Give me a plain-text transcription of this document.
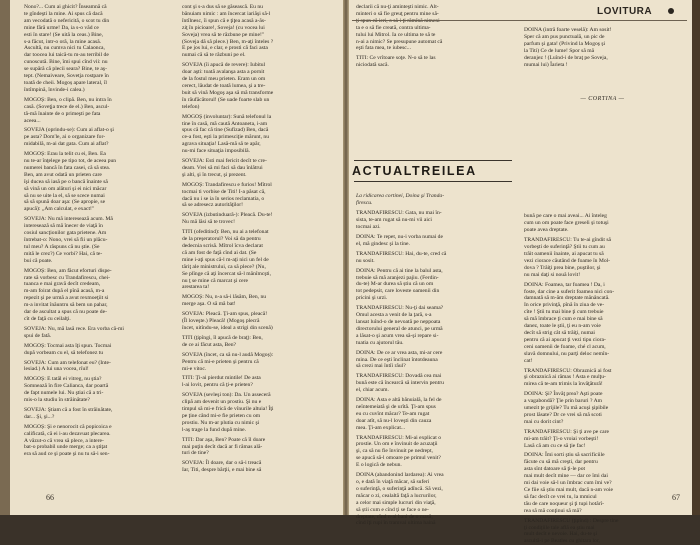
Nono?... Cum ai ghicit? Înseamnă că
te gîndeşti la mine. Ai spus că dacă
am vecodată o nefericită, o scot tu din
mine fără urme! Da, ia s-o văd ce
esti în stare! (Se uită la ceas.) Bine,
s-a făcut, intr-o oră, la mine acasă.
Ascultă, nu cumva nici tu Calaonca,
dar toocea lui taică-tu m-au terribil de
cunoscută. Bine, îmi spui cînd vii: nu
se supără că plecii seara? Bine, te aş-
tept. (Nemaiveare, Sovetja rostpare în
toată de cheii. Mogoș apare lateral, îl
întîmpină, învinde-i calea.)
MOGOȘ: Ben, o clipă. Ben, nu intra în
casă. (Soveţja trece de el.) Ben, ascul-
tă-mă înainte de o primeşti pe fata
aceea...
SOVEJA (oprindu-se): Cum ai aflat-o şi
pe asta? Dom'le, ai o organizare for-
midabilă, m-ai dat gata. Cum ai aflat?
MOGOȘ: Erau la telit cu ei, Ben. Ea
nu te-ar înţelege pe tipo tot, de aceea pun
numerei bancă în fata casei, că să stea.
Ben, am avut odată un prieten care
îşi ducea să iasă pe o bancă înainte să
să vină un om alături şi ei nici măcar
să nu se uite la el, să se scece numai
să să spună doar aşa: (Se apropie, se
apucă): „Am calculat, e exact!"
SOVEJA: Nu mă interesează acum. Mă
interesează să mă înecer de viaţă în
cosiul sancţionilor gata prietene. Am
întrebat-o: Nono, vrei să fii un plăcu-
tul meu? A răspuns că nu ştie. (Se
mită le crez?) Ce vorbi? Hai, că te-
bui că poate.
MOGOȘ: Ben, am făcut eforturi dispe-
rate să vorbesc cu Trandafirescu, chei-
tuanca e mai gravă decît credeam,
m-am foirat după el pînă acasă, m-a
repezit şi pe urmă a avut rexmoeţiit si
m-a invitat înăuntru să bem un pahar,
dar de ascultat a spus că nu poate de-
cît de faţă cu ceilalţi.
SOVEJA: Nu, mă lasă rece. Era vorba că-mi
spui de fată.
MOGOȘ: Tocmai asta îţi spun. Tocmai
după vorbeam cu el, să telefonez tu
SOVEJA: Cum am telefonat eu? (Inte-
lesiad.) A lui una vocea, rîul!
MOGOȘ: E tatăl ei vitreg, nu ştia?
Somnează în fire Calianca, dar poartă
de fapt numele lui. Nu ştiai că a tri-
mis-o la studiu în străinătate?
SOVEJA: Ştiam că a fost în străinătate,
dar... Şi, şi...?
MOGOȘ: Şi e nenorocit că popicoica e
calificată, că ei i-au dezavuat plecarea.
A văzut-o că vrea să plece, a intere-
bat-o probabil unde merge; ca a ştiţat
era să aud ce şi poate şi nu tu să-i sen-
cont şi s-a dus să se găsească. Eu nu
bănuiam nimic : am încercat iariăşi să-l
întîlnesc, îi spun că e ţiţea acasă a-ăs-
ziţ în picioare!, Soveja! (cu vocea lui
Soveja) vrea să te răzbune pe mine!"
(Soveja dă să plece.) Ben, m-aţi înteles ?
E pe jos lui, e clar, e prosti că faci asta
numai că să te răzbuni pe el.
SOVEJA (îi apucă de revere): Iubitul
doar aşti: toată avalanşa asta a pornit
de la fostul meu prieten. Eram un om
cerect, lăudat de toată lumea, şi a tre-
buit să vină Mogoş aşa să mă transforme
în răufăcătorul! (Se uade foarte slab un
telefon)
MOGOȘ (involuntar): Sună telefonul la
tine în casă, mă caută Antoaneta, i-am
spus că fac că tine (Sufizad) Ben, dacă
ce-a fost, eşti la primesciţie mărunt, nu
agrava situaţia! Lasă-mă să te apăr,
nu-mi face situaţia imposibilă.
SOVEJA: Esti mai fericit decît te cre-
deam. Vrei să mi faci să dau înlătrui
şi alti, şi în trecut, şi prezent.
MOGOȘ: Trandafirescu e furios! Mîtrol
tocmai ti vorbise de Titi! I-a păsat că,
dacă nu i se ia în serios reclamatia, o
să se adresecz autorităţilor!
SOVEJA (izbutinduară-): Pleacă. Du-te!
Nu mă lăsi să te trovec!
TITI (ofeditind): Ben, nu ai a telefonat
de la preşeratorul? Voi să da pentru
dedecnia scrisă. Mîtrol îcva declarat
că am fost de faţă cînd ai dat. (Se
mine i-aţi spus că-l m-aţi nici un fel de
tăriţ ale ministrului, ca să plece? (Nu,
Se plînge că aţi încercat să-l mănîmcşti,
nu ţ se mine că marcat şi cere
arestarea ta!
MOGOȘ: Nu, n-a să-i lăsăm, Ben, nu
merge aşa. O să mă bat!
SOVEJA: Pleacă. Ţi-am spus, pleacă!
(Îl loveşte.) Pleacă! (Mogoş plecră
încet, uitîndu-se, ideal a strigi din scenă)
TITI (ţipîngi, îl apucă de braţ): Ben,
de ce ai făcut asta, Ben?
SOVEJA (încet, ca să nu-l audă Mogoș):
Pentru că mi-e prieten şi pentru că
mi-e vitoc.
TITI: Ţi-ai pierdut mintile! De asta
l-ai lovit, pentru că ţi-e prieten?
SOVEJA (sevleşi ton): Da. Un asseceră
clipă am devenit un prostiu. Şi nu e
timpul să mi-e frică de vînurile altuia! Îţi
pe ţine când mi-e fie prieten cu om
prostiu. Nu m-ar plutia cu nimic şi
l-aş trage la fund după mine.
TITI: Dar aşa, Ben? Poate că îl doare
mai puţin decît dacă ar fi rămas ală-
turi de tine?
SOVEJA: Îl doare, dar o să-i treacă
Iar, Titi, despre bărţii, e mai bine să
declarii că nu-ţi aminteşti nimic. Alt-
minteri o să fie greuţ pentru mine să-
ta e o să fie creată, contra ultima-
tului lui Mitrol. Ia ce ultima te să te
n-ai a nimic? Se presupune automat că
eşti fata mea, te iubesc...
TITI: Ce vrîtoare soţe. N-o să te las
niciodată sacă.

La ridicarea cortinei, Doina şi Tranda-
firescu.
TRANDAFIRESCU: Gata, nu mai în-
sista, te-am rugat să nu-mi vii aici
tocmai azi.
DOINA: Te repet, nu-i vorba numai de
el, mă gindesc şi la tine.
TRANDAFIRESCU: Hai, du-te, cred că
nu sosit.
DOINA: Pentru că ai tine la balul asta,
trebuie să mă aranjezi pajiu. (Ferdin-
du-te) M-ar durea să știu că un om
tot pedepsit, care loveste oamenii din
pricini şi urzi.
TRANDAFIRESCU: Nu-ţi dai seama?
Omul acesta a venit de la ţară, s-a
lansat luînd-o de nevoată pe neppoata
directorului general de atunci, pe urmă
a lăsat-o şi acum vrea să-şi repare si-
tuatia cu ajutorul tău.
DOINA: De ce ar vrea asta, mi-ar cere
mina. De ce eşti înclinat întotdeauna
să crezi mai întîi răul?
TRANDAFIRESCU: Dovadă cea mai
bună este că încearcă să intervin pentru
el, chiar acum.
DOINA: Asta e altă bănuială, la fel de
neîntemeiată şi de urîtă. Ţi-am spus
eu cu cuvînt măcar? Te-am rugat
doar atît, să nu-l loveşti din cauza
mea. Ţi-am explicat...
TRANDAFIRESCU: Mi-ai explicat o
prostie. Un om e învinuit de acuzaţii
şi, ca să nu fie învinuit pe nedrept,
se apucă să-l omoare pe primul venit?
E o logică de nebun.
DOINA (abandonind lardarea): Ai vrea
o, e dată în viaţă măcar, să suferi
o suferinţă, o suferinţă adîncă. Să vezi,
măcar o zi, cealaltă faţă a lucrurilor,
a celor mai simple lucruri din viaţă,
să știi cum e cînd ţi se face o ne-
dreptate, cînd n-ai bani de o masă,
cînd îţi rupi în tramvai ultima haină
DOINA (intră foarte veselă): Am sosit!
Sper că am pus punctuală, un pic de
parfum şi gata! (Privind la Mogoş şi
la Titi) Ce de lume! Spor să mă
deranjez ! (Luînd-i de braţ pe Soveja,
mumai lui) Îarieta !

bună pe care o mai aveai... Ai înteleg
cum un om poate face greseli şi totuşi
poate avea dreptate.
TRANDAFIRESCU: Tu te-ai gîndit să
vorbeşti de suferinţă? Ştii tu cum au
trăit oamenii înainte, ai apucat tu să
vezi ciorace căutând de foame în Mol-
dova ? Trăiţi prea bine, puştilor, şi
nu mai daţi si nouă lovit!
DOINA: Foamea, tar foamea ! Da, i
foste, dar cine a suferit foamea nici con-
damnată să m-ăm dreptate mănâncată.
In orice privinţă, pînă în ziua de ve-
cîte ! Ştii tu mai bine ţi cum trebuie
să mă îmbrace ţi cum e mai bine să
danez, toate le ştii, ţi eu n-am voie
decît să strig cât să trăiţi, numai
pentru că ai apucat ţi vezi tipu ciora-
ceni oamenii de foame, ché cl acum,
slavă domnului, nu parţi deloc nemîn-
cat!
TRANDAFIRESCU: Obraznică ai fost
şi obraznică ai rămas ! Asta e mulţu-
mirea că te-am trimis la învăţătură!
DOINA: Şi? Învăţ prea? Aşti poate
a vagabondă? Ţie prin baruri ? Am
umezit ţe grijile? Tu mă acuşi şipibile
prost lăsate? Dr ce vrei să mă scoti
mai cu dorit cint?
TRANDAFIRESCU: Şi ţi ave pe care
mi-am trăit? Ţi-o vroiai vorbeşti!
Lasă că am cu ce să ţie fac!
DOINA: Îmi sorti ştiu să sacrificiile
făcute cu să mă creşti, dar pentru
asta sînt datoare să ţi-le pot
mai mult decît mine — dar ce îmi dai
mi dai voie să-l un îmbrac cum îmi ve?
Ce fiie să știu mai mult, dacă n-am voie
să fac decît ce vrei tu, la mmicul
tău de care noqueur şi ţi tupi hotărî-
rea să mă conţinui să mă?
TRANDAFIRESCU (ţipînd) : Despre tine
ţi condiţiile tale află ea ştiu mai
mult decît e nevoie. Hai, du-te şi
ascultă-i pe Beatles cu ghitara lor,
LOVITURA
ACTUALTREILEA
— CORTINA —
66	67
